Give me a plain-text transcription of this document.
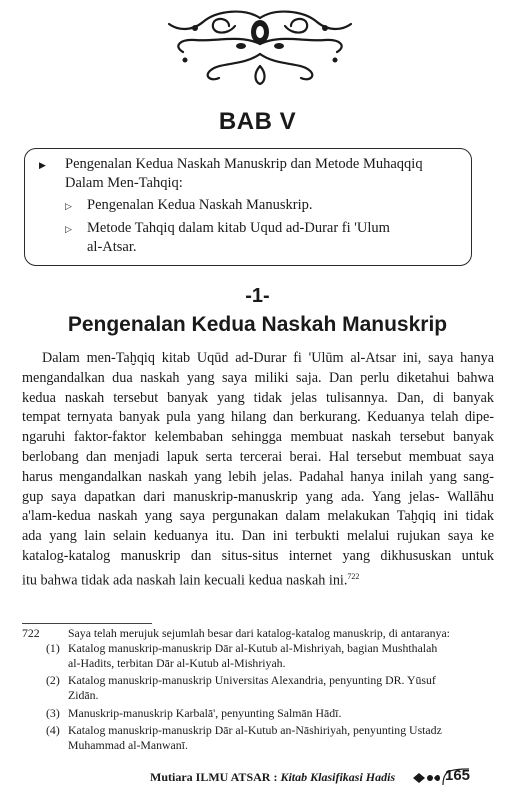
BAB V
▶ Pengenalan Kedua Naskah Manuskrip dan Metode Muhaqqiq
Dalam Men-Tahqiq:
▷ Pengenalan Kedua Naskah Manuskrip.
▷ Metode Tahqiq dalam kitab Uqud ad-Durar fi 'Ulum
al-Atsar.
-1-
Pengenalan Kedua Naskah Manuskrip
Dalam men-Taḫqiq kitab Uqūd ad-Durar fi 'Ulūm al-Atsar ini, saya hanya
mengandalkan dua naskah yang saya miliki saja. Dan perlu diketahui bahwa
kedua naskah tersebut banyak yang tidak jelas tulisannya. Dan, di banyak
tempat ternyata banyak pula yang hilang dan berkurang. Keduanya telah dipe-
ngaruhi faktor-faktor kelembaban sehingga membuat naskah tersebut banyak
berlobang dan menjadi lapuk serta tercerai berai. Hal tersebut membuat saya
harus mengandalkan naskah yang lebih jelas. Padahal hanya inilah yang sang-
gup saya dapatkan dari manuskrip-manuskrip yang ada. Yang jelas- Wallāhu
a'lam-kedua naskah yang saya pergunakan dalam melakukan Taḫqiq ini tidak
ada yang lain selain keduanya itu. Dan ini terbukti melalui rujukan saya ke
katalog-katalog manuskrip dan situs-situs internet yang dikhususkan untuk
itu bahwa tidak ada naskah lain kecuali kedua naskah ini.$^{722}$
722 Saya telah merujuk sejumlah besar dari katalog-katalog manuskrip, di antaranya:
(1) Katalog manuskrip-manuskrip Dār al-Kutub al-Mishriyah, bagian Mushthalah
al-Hadits, terbitan Dār al-Kutub al-Mishriyah.
(2) Katalog manuskrip-manuskrip Universitas Alexandria, penyunting DR. Yūsuf
Zidān.
(3) Manuskrip-manuskrip Karbalā', penyunting Salmān Hādī.
(4) Katalog manuskrip-manuskrip Dār al-Kutub an-Nāshiriyah, penyunting Ustadz
Muhammad al-Manwanī.
Mutiara ILMU ATSAR : Kitab Klasifikasi Hadis	165
